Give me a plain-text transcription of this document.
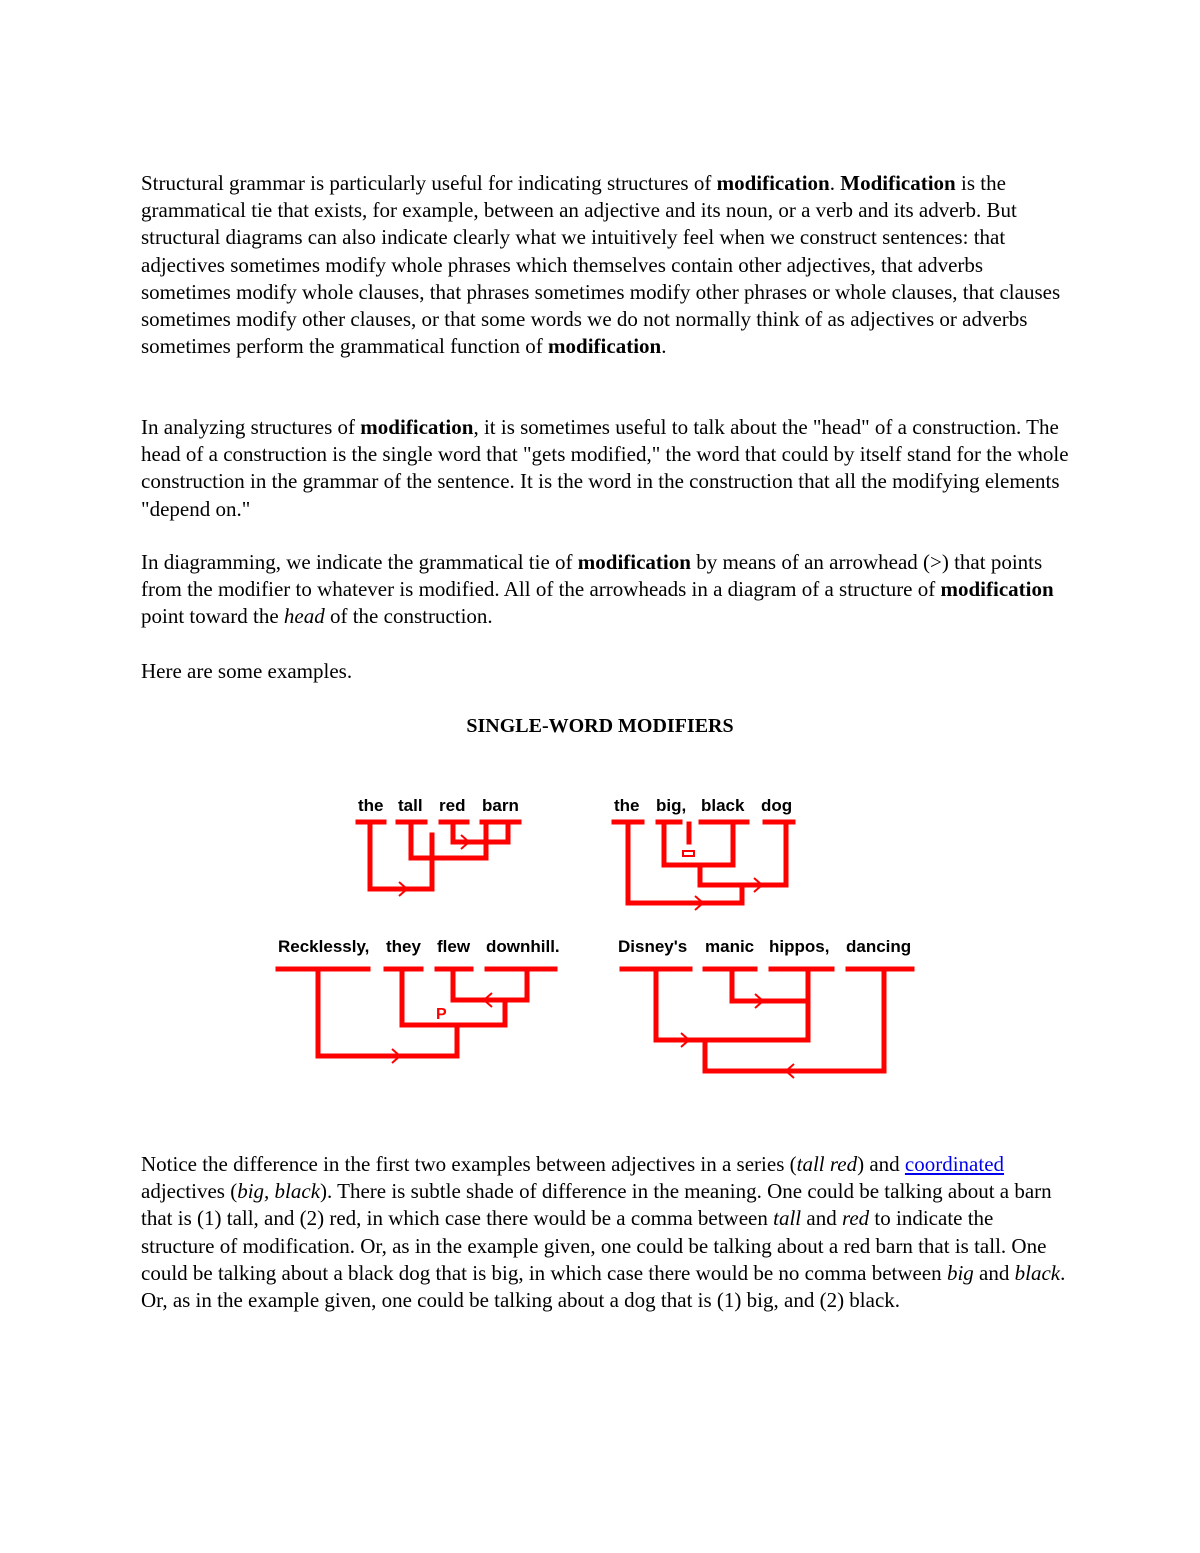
Structural grammar is particularly useful for indicating structures of modification. Modification is the grammatical tie that exists, for example, between an adjective and its noun, or a verb and its adverb. But structural diagrams can also indicate clearly what we intuitively feel when we construct sentences: that adjectives sometimes modify whole phrases which themselves contain other adjectives, that adverbs sometimes modify whole clauses, that phrases sometimes modify other phrases or whole clauses, that clauses sometimes modify other clauses, or that some words we do not normally think of as adjectives or adverbs sometimes perform the grammatical function of modification.

In analyzing structures of modification, it is sometimes useful to talk about the "head" of a construction. The head of a construction is the single word that "gets modified," the word that could by itself stand for the whole construction in the grammar of the sentence. It is the word in the construction that all the modifying elements "depend on."

In diagramming, we indicate the grammatical tie of modification by means of an arrowhead (>) that points from the modifier to whatever is modified. All of the arrowheads in a diagram of a structure of modification point toward the head of the construction.

Here are some examples.

SINGLE-WORD MODIFIERS

the tall red barn	the big, black dog
Recklessly, they flew downhill.
P
Disney's manic hippos, dancing

Notice the difference in the first two examples between adjectives in a series (tall red) and coordinated adjectives (big, black). There is subtle shade of difference in the meaning. One could be talking about a barn that is (1) tall, and (2) red, in which case there would be a comma between tall and red to indicate the structure of modification. Or, as in the example given, one could be talking about a red barn that is tall. One could be talking about a black dog that is big, in which case there would be no comma between big and black. Or, as in the example given, one could be talking about a dog that is (1) big, and (2) black.
